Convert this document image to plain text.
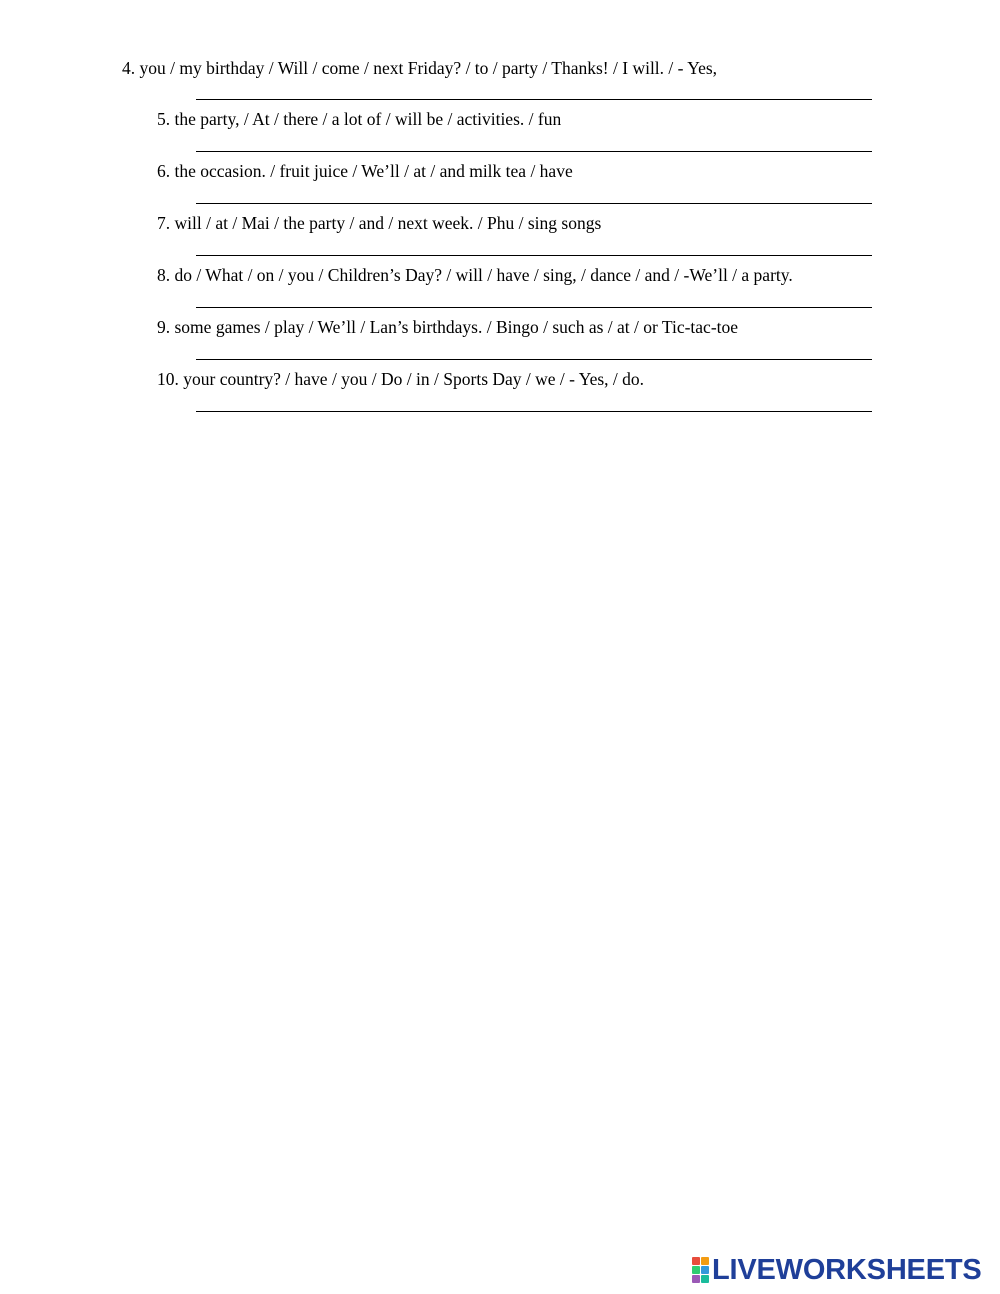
4. you / my birthday / Will / come / next Friday? / to / party / Thanks! / I will. / - Yes,
5. the party, / At / there / a lot of / will be / activities. / fun
6. the occasion. / fruit juice / We’ll / at / and milk tea / have
7. will / at / Mai / the party / and / next week. / Phu / sing songs
8. do / What / on / you / Children’s Day? / will / have / sing, / dance / and / -We’ll / a party.
9. some games / play / We’ll / Lan’s birthdays. / Bingo / such as / at / or Tic-tac-toe
10. your country? / have / you / Do / in / Sports Day / we / - Yes, / do.
LIVEWORKSHEETS
